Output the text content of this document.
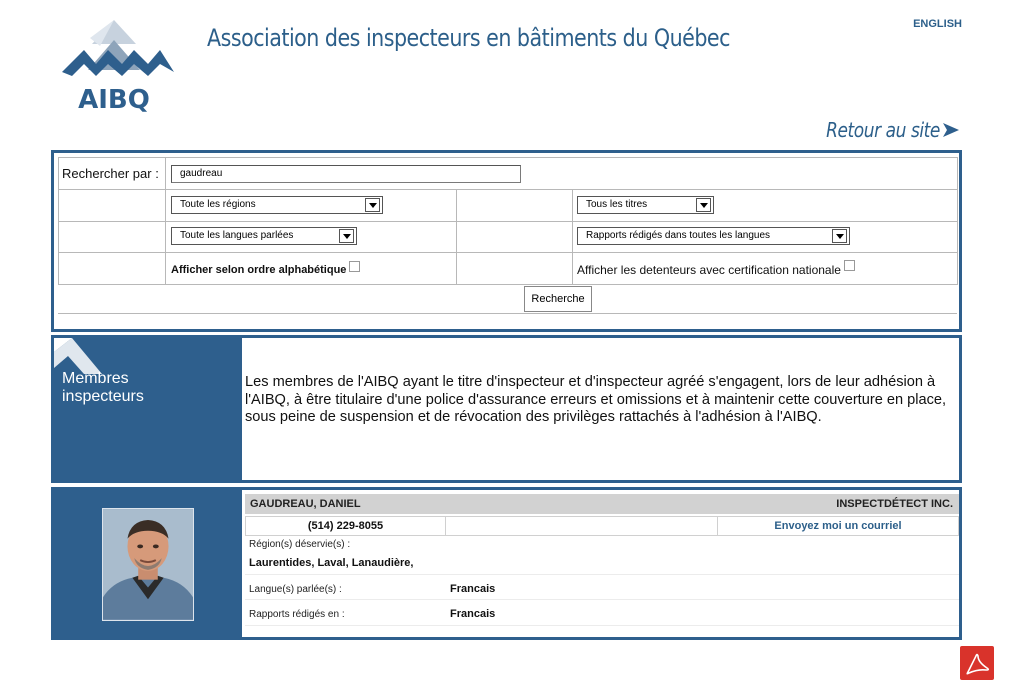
AIBQ
Association des inspecteurs en bâtiments du Québec	ENGLISH
Retour au site
Rechercher par :	gaudreau
Toute les régions	Tous les titres
Toute les langues parlées	Rapports rédigés dans toutes les langues
Afficher selon ordre alphabétique	Afficher les detenteurs avec certification nationale
Recherche
Membres
inspecteurs
Les membres de l'AIBQ ayant le titre d'inspecteur et d'inspecteur agréé s'engagent, lors de leur adhésion à l'AIBQ, à être titulaire d'une police d'assurance erreurs et omissions et à maintenir cette couverture en place, sous peine de suspension et de révocation des privilèges rattachés à l'adhésion à l'AIBQ.
GAUDREAU, DANIEL	INSPECTDÉTECT INC.
(514) 229-8055	Envoyez moi un courriel
Région(s) déservie(s) :
Laurentides, Laval, Lanaudière,
Langue(s) parlée(s) :	Francais
Rapports rédigés en :	Francais
